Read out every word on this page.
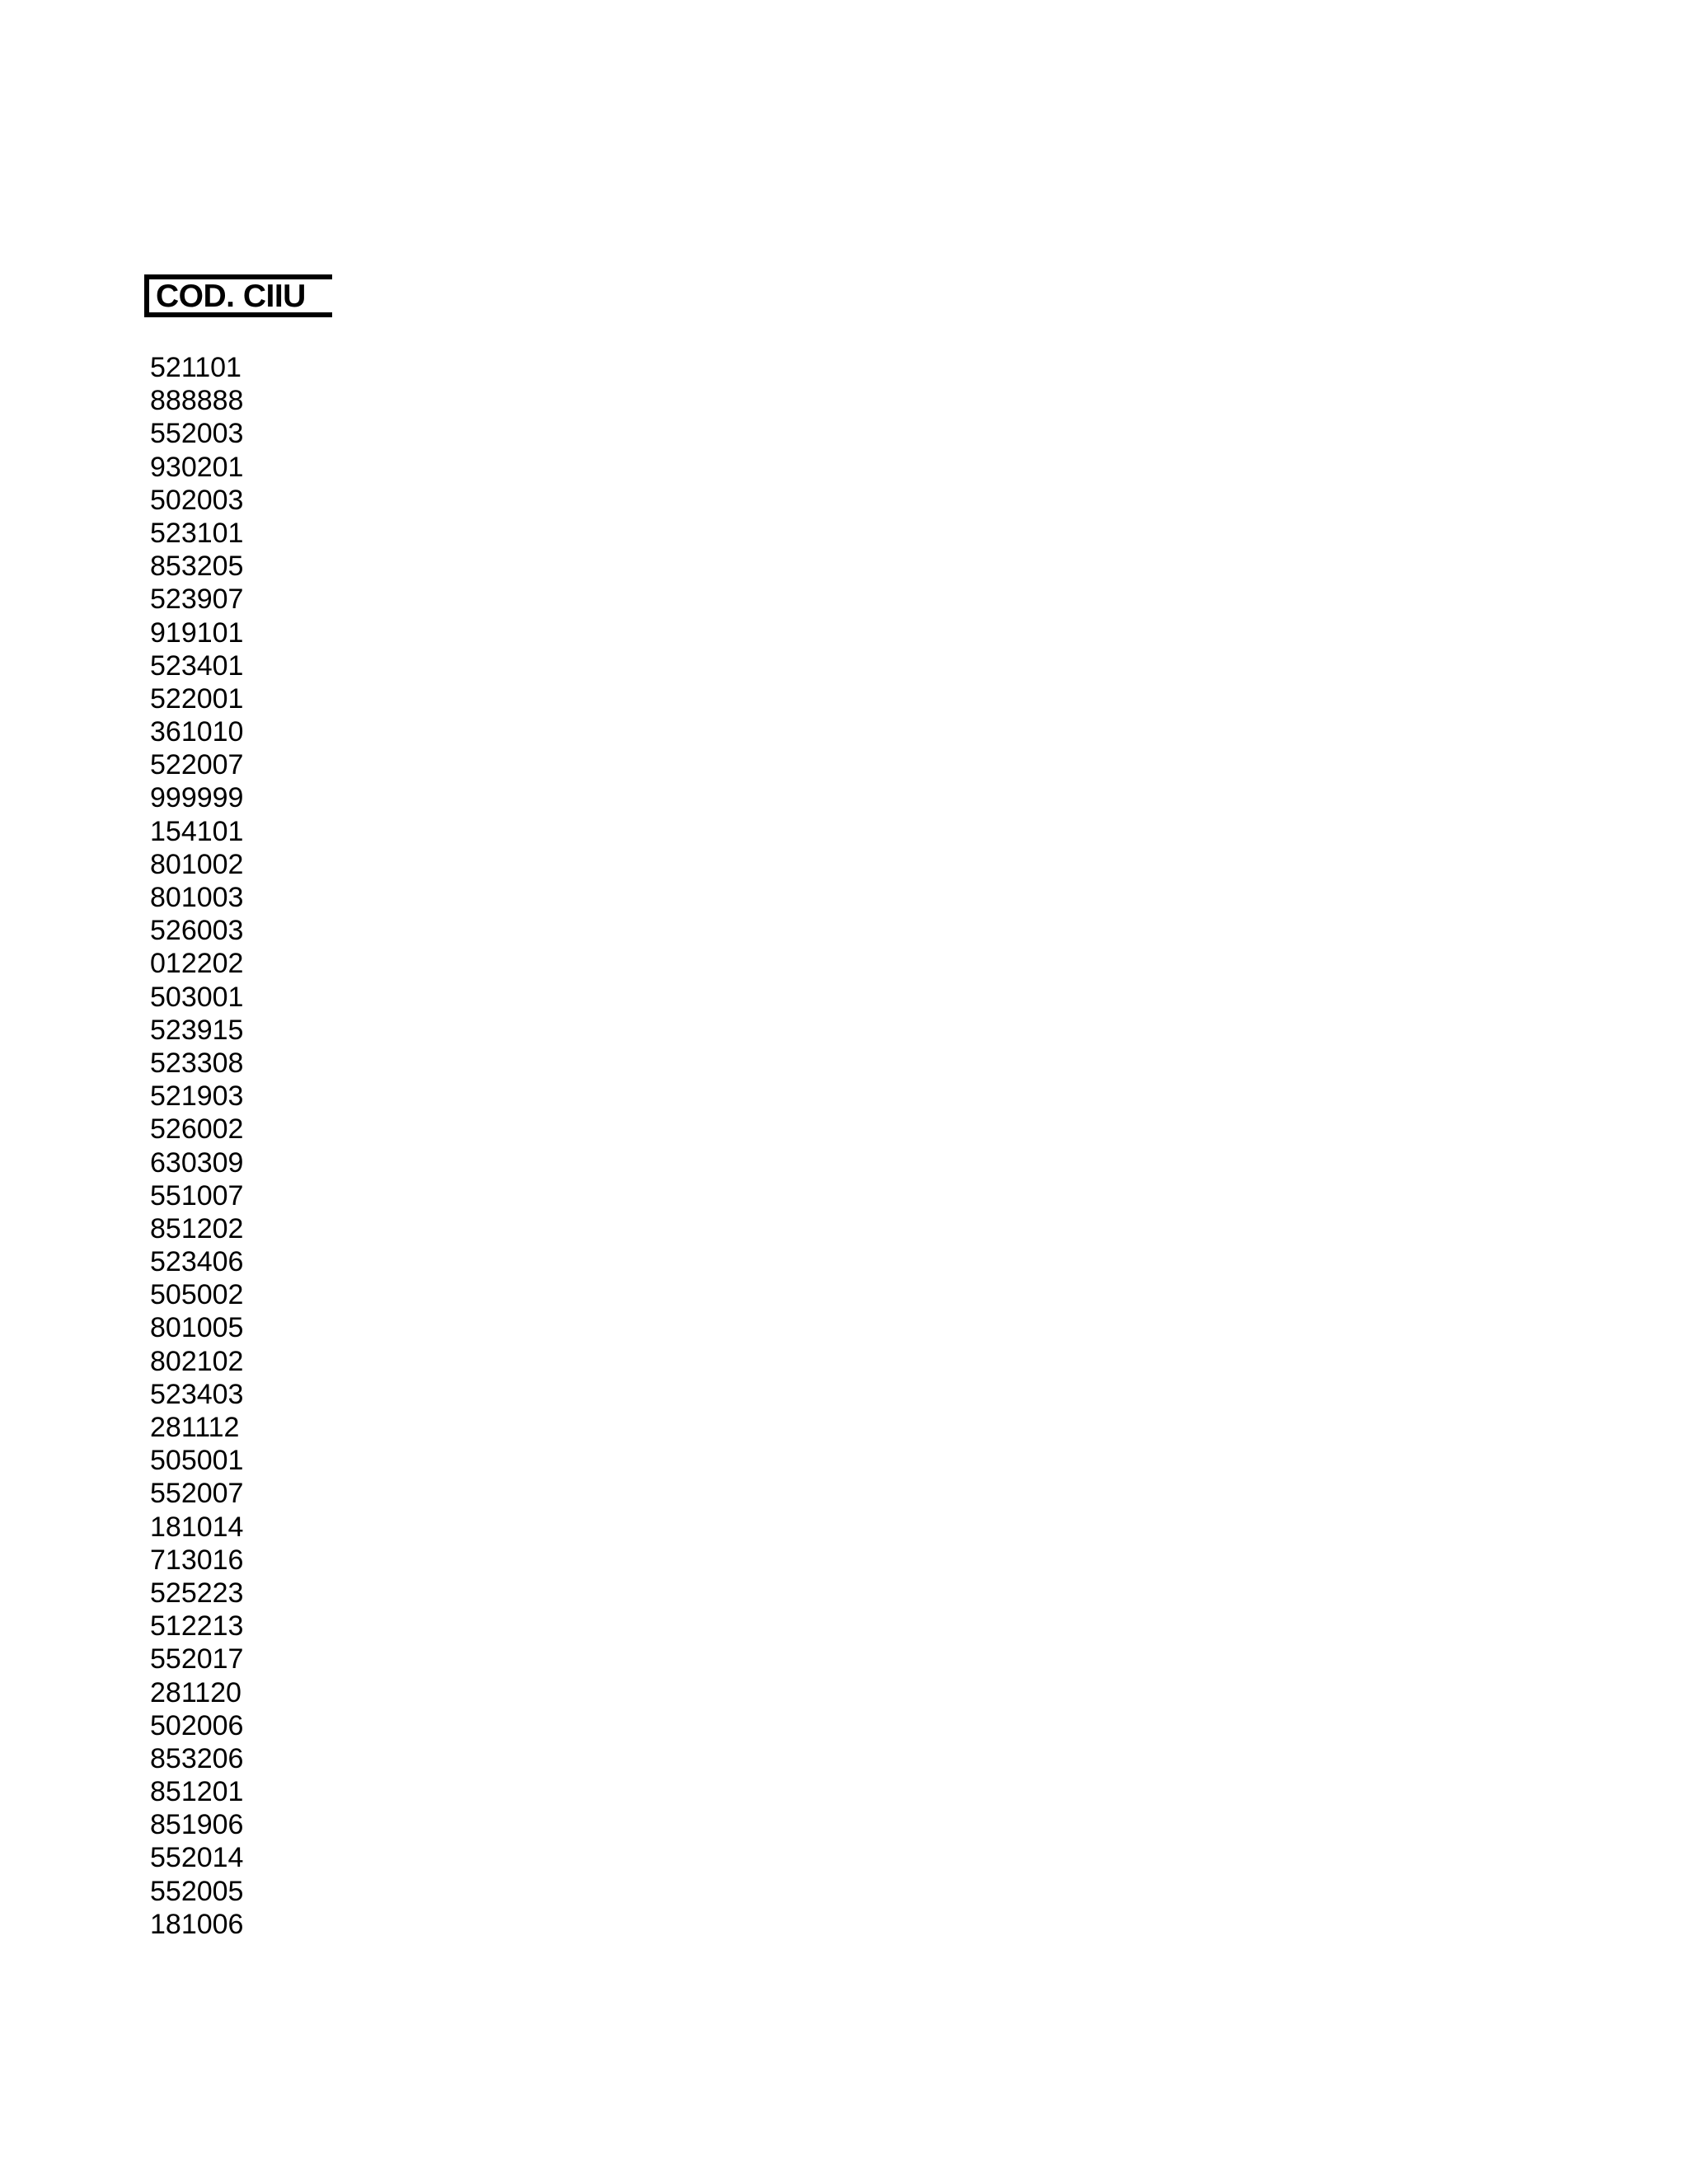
COD. CIIU
521101
888888
552003
930201
502003
523101
853205
523907
919101
523401
522001
361010
522007
999999
154101
801002
801003
526003
012202
503001
523915
523308
521903
526002
630309
551007
851202
523406
505002
801005
802102
523403
281112
505001
552007
181014
713016
525223
512213
552017
281120
502006
853206
851201
851906
552014
552005
181006
